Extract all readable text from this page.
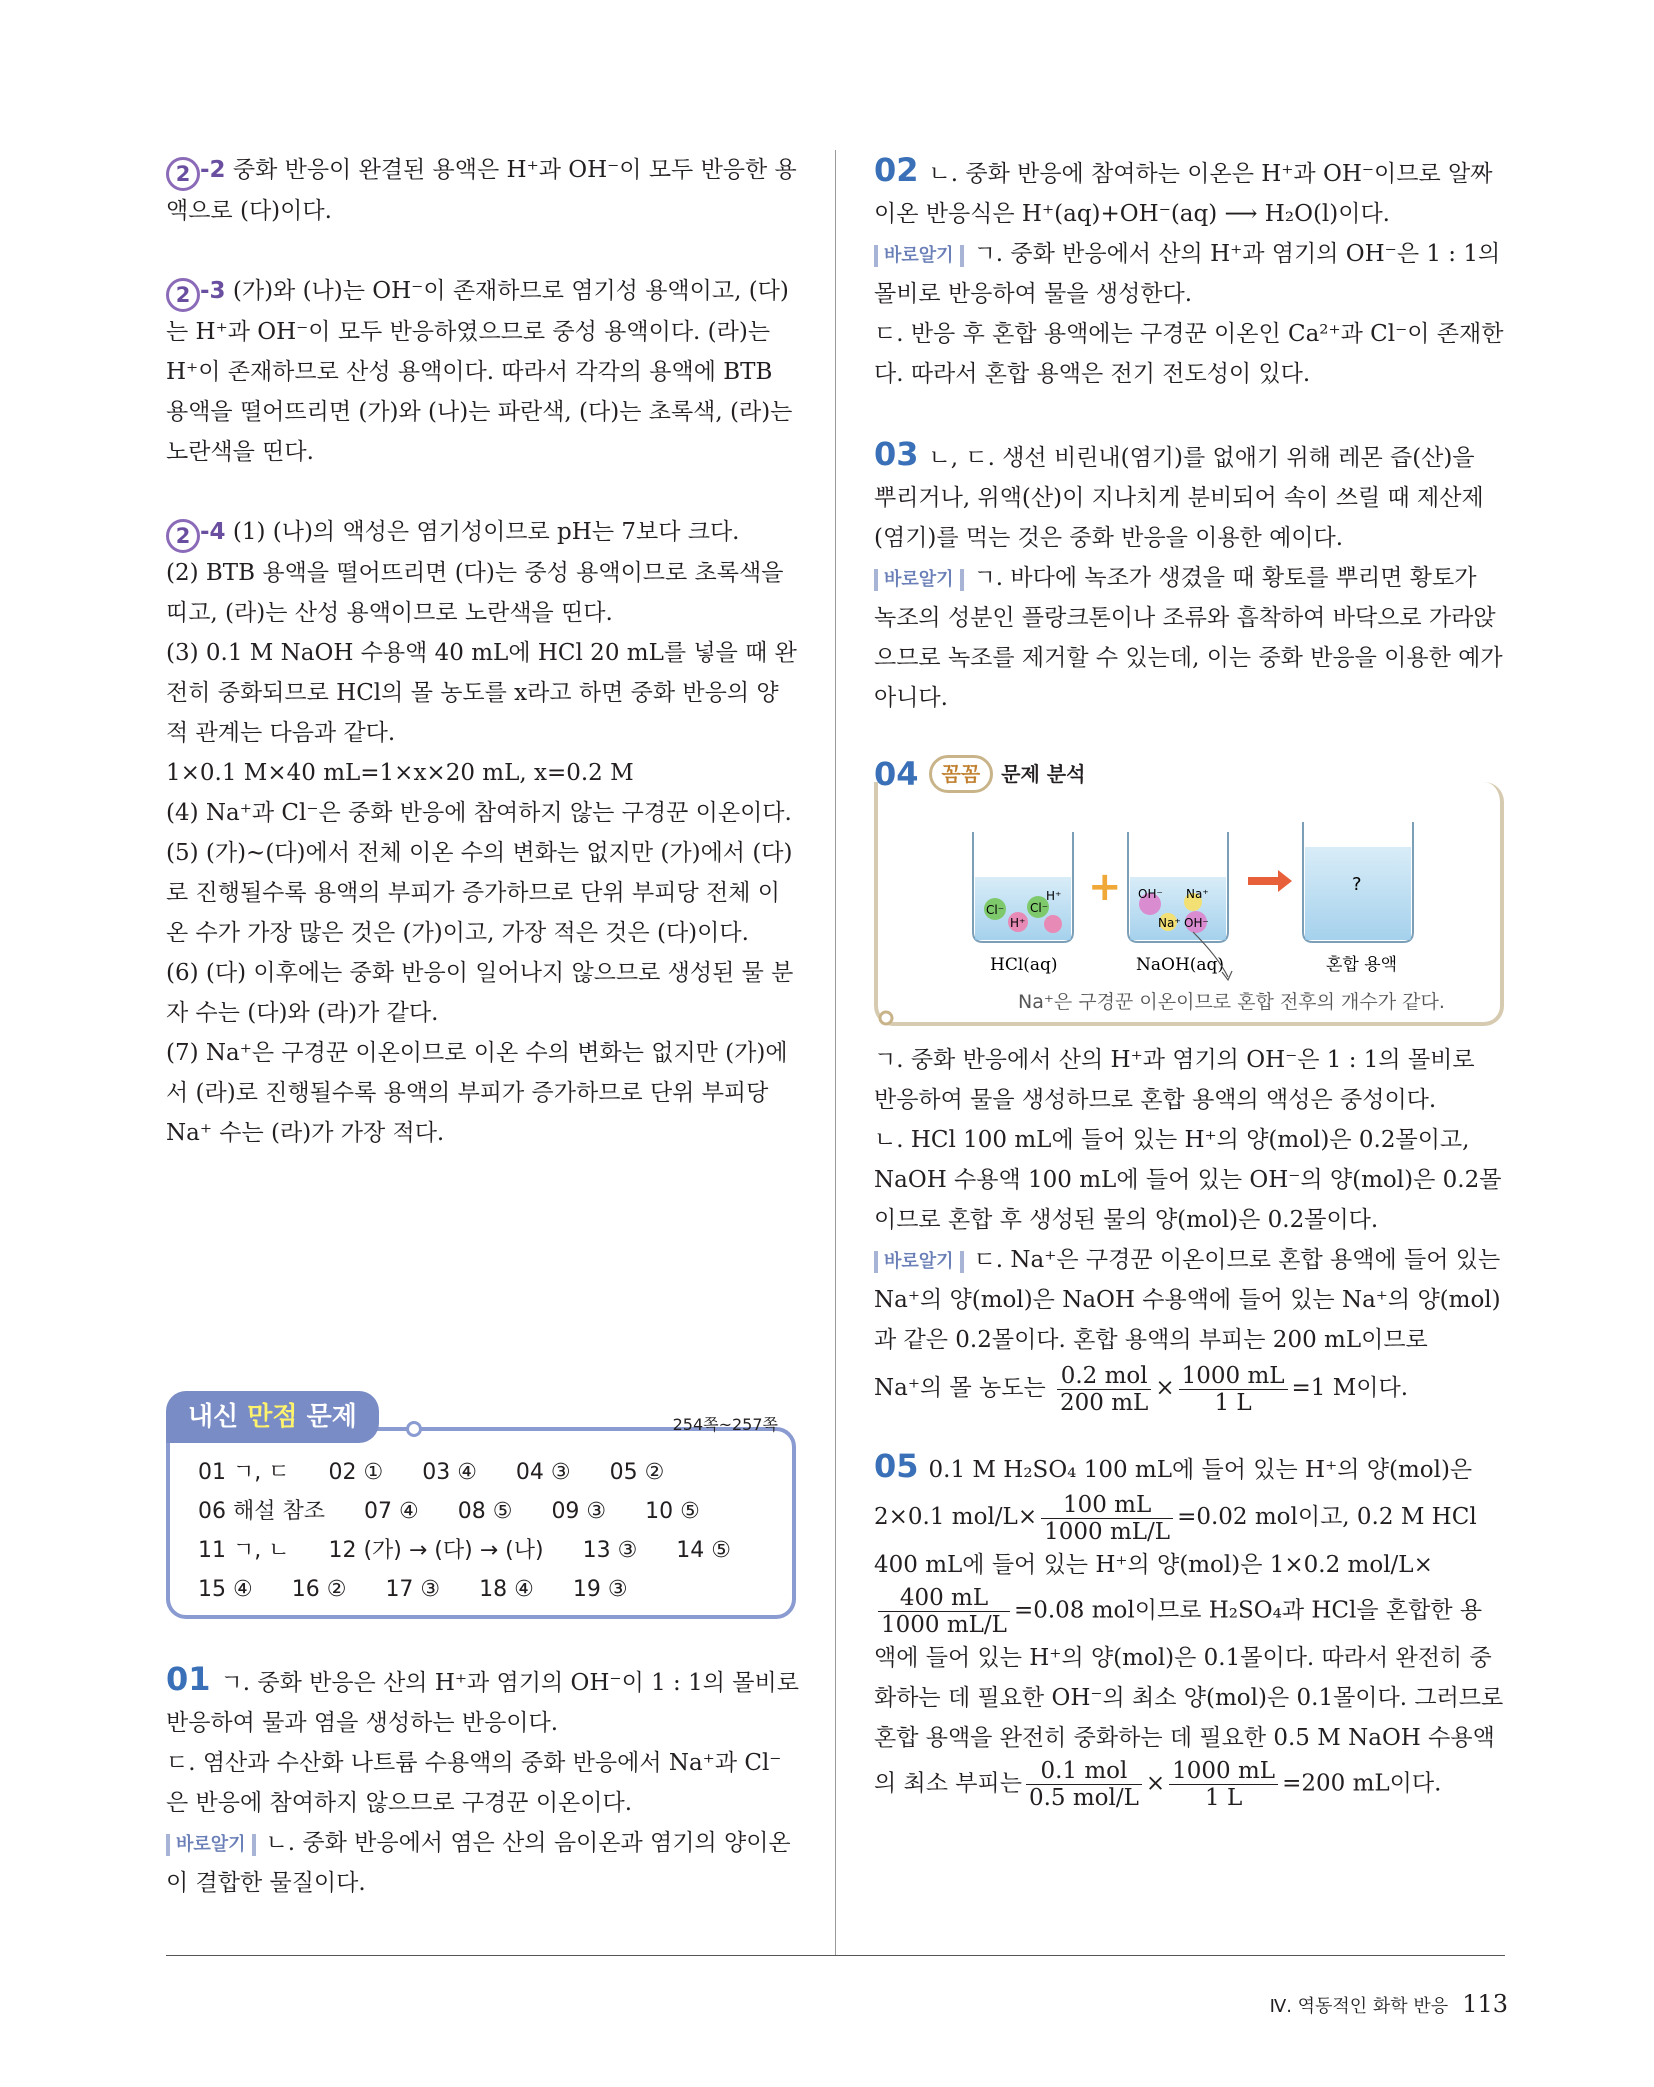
2 -2 중화 반응이 완결된 용액은 H⁺과 OH⁻이 모두 반응한 용액으로 (다)이다.
2 -3 (가)와 (나)는 OH⁻이 존재하므로 염기성 용액이고, (다)는 H⁺과 OH⁻이 모두 반응하였으므로 중성 용액이다. (라)는 H⁺이 존재하므로 산성 용액이다. 따라서 각각의 용액에 BTB 용액을 떨어뜨리면 (가)와 (나)는 파란색, (다)는 초록색, (라)는 노란색을 띤다.

2 -4 (1) (나)의 액성은 염기성이므로 pH는 7보다 크다.

(2) BTB 용액을 떨어뜨리면 (다)는 중성 용액이므로 초록색을 띠고, (라)는 산성 용액이므로 노란색을 띤다.

(3) 0.1 M NaOH 수용액 40 mL에 HCl 20 mL를 넣을 때 완전히 중화되므로 HCl의 몰 농도를 x라고 하면 중화 반응의 양적 관계는 다음과 같다.

1×0.1 M×40 mL=1×x×20 mL, x=0.2 M

(4) Na⁺과 Cl⁻은 중화 반응에 참여하지 않는 구경꾼 이온이다.

(5) (가)~(다)에서 전체 이온 수의 변화는 없지만 (가)에서 (다)로 진행될수록 용액의 부피가 증가하므로 단위 부피당 전체 이온 수가 가장 많은 것은 (가)이고, 가장 적은 것은 (다)이다.

(6) (다) 이후에는 중화 반응이 일어나지 않으므로 생성된 물 분자 수는 (다)와 (라)가 같다.

(7) Na⁺은 구경꾼 이온이므로 이온 수의 변화는 없지만 (가)에서 (라)로 진행될수록 용액의 부피가 증가하므로 단위 부피당 Na⁺ 수는 (라)가 가장 적다.

01 ㄱ, ㄷ 02 ① 03 ④ 04 ③ 05 ② 06 해설 참조 07 ④ 08 ⑤ 09 ③ 10 ⑤ 11 ㄱ, ㄴ 12 (가) → (다) → (나) 13 ③ 14 ⑤ 15 ④ 16 ② 17 ③ 18 ④ 19 ③
내신 만점 문제	254쪽~257쪽

01 ㄱ. 중화 반응은 산의 H⁺과 염기의 OH⁻이 1 : 1의 몰비로 반응하여 물과 염을 생성하는 반응이다.

ㄷ. 염산과 수산화 나트륨 수용액의 중화 반응에서 Na⁺과 Cl⁻은 반응에 참여하지 않으므로 구경꾼 이온이다.

바로알기 ㄴ. 중화 반응에서 염은 산의 음이온과 염기의 양이온이 결합한 물질이다.

02 ㄴ. 중화 반응에 참여하는 이온은 H⁺과 OH⁻이므로 알짜 이온 반응식은 H⁺(aq)+OH⁻(aq) ⟶ H₂O(l)이다.

바로알기 ㄱ. 중화 반응에서 산의 H⁺과 염기의 OH⁻은 1 : 1의 몰비로 반응하여 물을 생성한다.

ㄷ. 반응 후 혼합 용액에는 구경꾼 이온인 Ca²⁺과 Cl⁻이 존재한다. 따라서 혼합 용액은 전기 전도성이 있다.

03 ㄴ, ㄷ. 생선 비린내(염기)를 없애기 위해 레몬 즙(산)을 뿌리거나, 위액(산)이 지나치게 분비되어 속이 쓰릴 때 제산제(염기)를 먹는 것은 중화 반응을 이용한 예이다.

바로알기 ㄱ. 바다에 녹조가 생겼을 때 황토를 뿌리면 황토가 녹조의 성분인 플랑크톤이나 조류와 흡착하여 바닥으로 가라앉으므로 녹조를 제거할 수 있는데, 이는 중화 반응을 이용한 예가 아니다.

04	꼼꼼	문제 분석
Cl⁻
H⁺
H⁺
Cl⁻
HCl(aq)
+ OH⁻ Na⁺
Na⁺ OH⁻
NaOH(aq)
?
혼합 용액
Na⁺은 구경꾼 이온이므로 혼합 전후의 개수가 같다.

ㄱ. 중화 반응에서 산의 H⁺과 염기의 OH⁻은 1 : 1의 몰비로 반응하여 물을 생성하므로 혼합 용액의 액성은 중성이다.

ㄴ. HCl 100 mL에 들어 있는 H⁺의 양(mol)은 0.2몰이고, NaOH 수용액 100 mL에 들어 있는 OH⁻의 양(mol)은 0.2몰이므로 혼합 후 생성된 물의 양(mol)은 0.2몰이다.

바로알기 ㄷ. Na⁺은 구경꾼 이온이므로 혼합 용액에 들어 있는 Na⁺의 양(mol)은 NaOH 수용액에 들어 있는 Na⁺의 양(mol)과 같은 0.2몰이다. 혼합 용액의 부피는 200 mL이므로

Na⁺의 몰 농도는 $\frac{\text{0.2 mol}}{200 mL} \times \frac{1000 mL}{1 L} =1$ M이다.

05 0.1 M H₂SO₄ 100 mL에 들어 있는 H⁺의 양(mol)은

2×0.1 $mol/L\times \frac{100 mL}{1000 mL/L} =0.02$ mol이고, 0.2 M HCl

400 mL에 들어 있는 H⁺의 양(mol)은 1×0.2 mol/L×

$\frac{400 mL}{1000 mL/L} =0.08$ mol이므로 H₂SO₄과 HCl을 혼합한 용액에 들어 있는 H⁺의 양(mol)은 0.1몰이다. 따라서 완전히 중화하는 데 필요한 OH⁻의 최소 양(mol)은 0.1몰이다. 그러므로 혼합 용액을 완전히 중화하는 데 필요한 0.5 M NaOH 수용액의 최소 부피는 $\frac{\text{0.1 mol}}{\text{0.5 mol/L}} \times \frac{1000 mL}{1 L} =200$ mL이다.

Ⅳ. 역동적인 화학 반응 113
